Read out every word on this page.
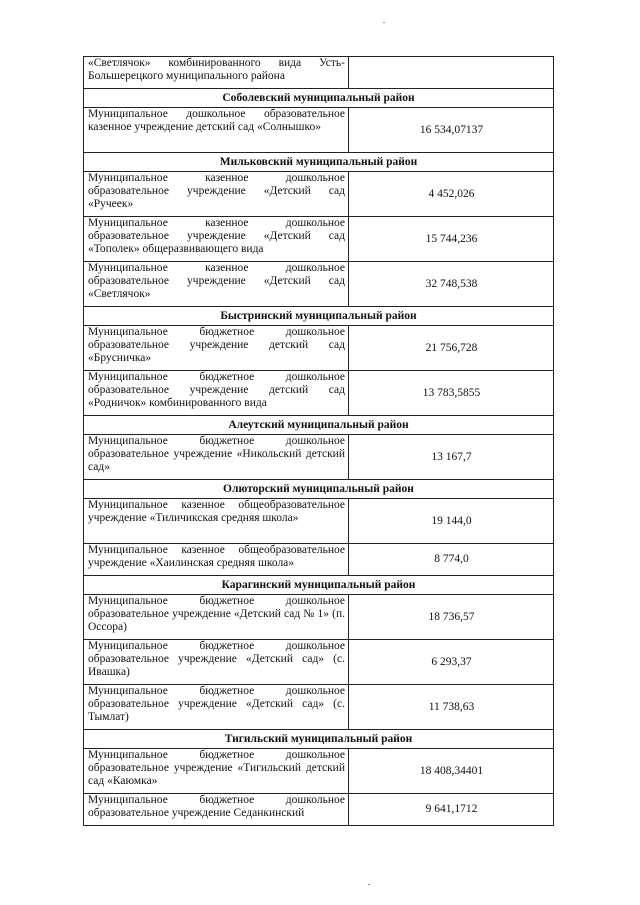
«Светлячок» комбинированного вида Усть-Большерецкого муниципального района	
Соболевский муниципальный район	
Муниципальное дошкольное образовательное казенное учреждение детский сад «Солнышко»	16 534,07137
Мильковский муниципальный район	
Муниципальное казенное дошкольное образовательное учреждение «Детский сад «Ручеек»	4 452,026
Муниципальное казенное дошкольное образовательное учреждение «Детский сад «Тополек» общеразвивающего вида	15 744,236
Муниципальное казенное дошкольное образовательное учреждение «Детский сад «Светлячок»	32 748,538
Быстринский муниципальный район	
Муниципальное бюджетное дошкольное образовательное учреждение детский сад «Брусничка»	21 756,728
Муниципальное бюджетное дошкольное образовательное учреждение детский сад «Родничок» комбинированного вида	13 783,5855
Алеутский муниципальный район	
Муниципальное бюджетное дошкольное образовательное учреждение «Никольский детский сад»	13 167,7
Олюторский муниципальный район	
Муниципальное казенное общеобразовательное учреждение «Тиличикская средняя школа»	19 144,0
Муниципальное казенное общеобразовательное учреждение «Хаилинская средняя школа»	8 774,0
Карагинский муниципальный район	
Муниципальное бюджетное дошкольное образовательное учреждение «Детский сад № 1» (п. Оссора)	18 736,57
Муниципальное бюджетное дошкольное образовательное учреждение «Детский сад» (с. Ивашка)	6 293,37
Муниципальное бюджетное дошкольное образовательное учреждение «Детский сад» (с. Тымлат)	11 738,63
Тигильский муниципальный район	
Муниципальное бюджетное дошкольное образовательное учреждение «Тигильский детский сад «Каюмка»	18 408,34401
Муниципальное бюджетное дошкольное образовательное учреждение Седанкинский	9 641,1712
